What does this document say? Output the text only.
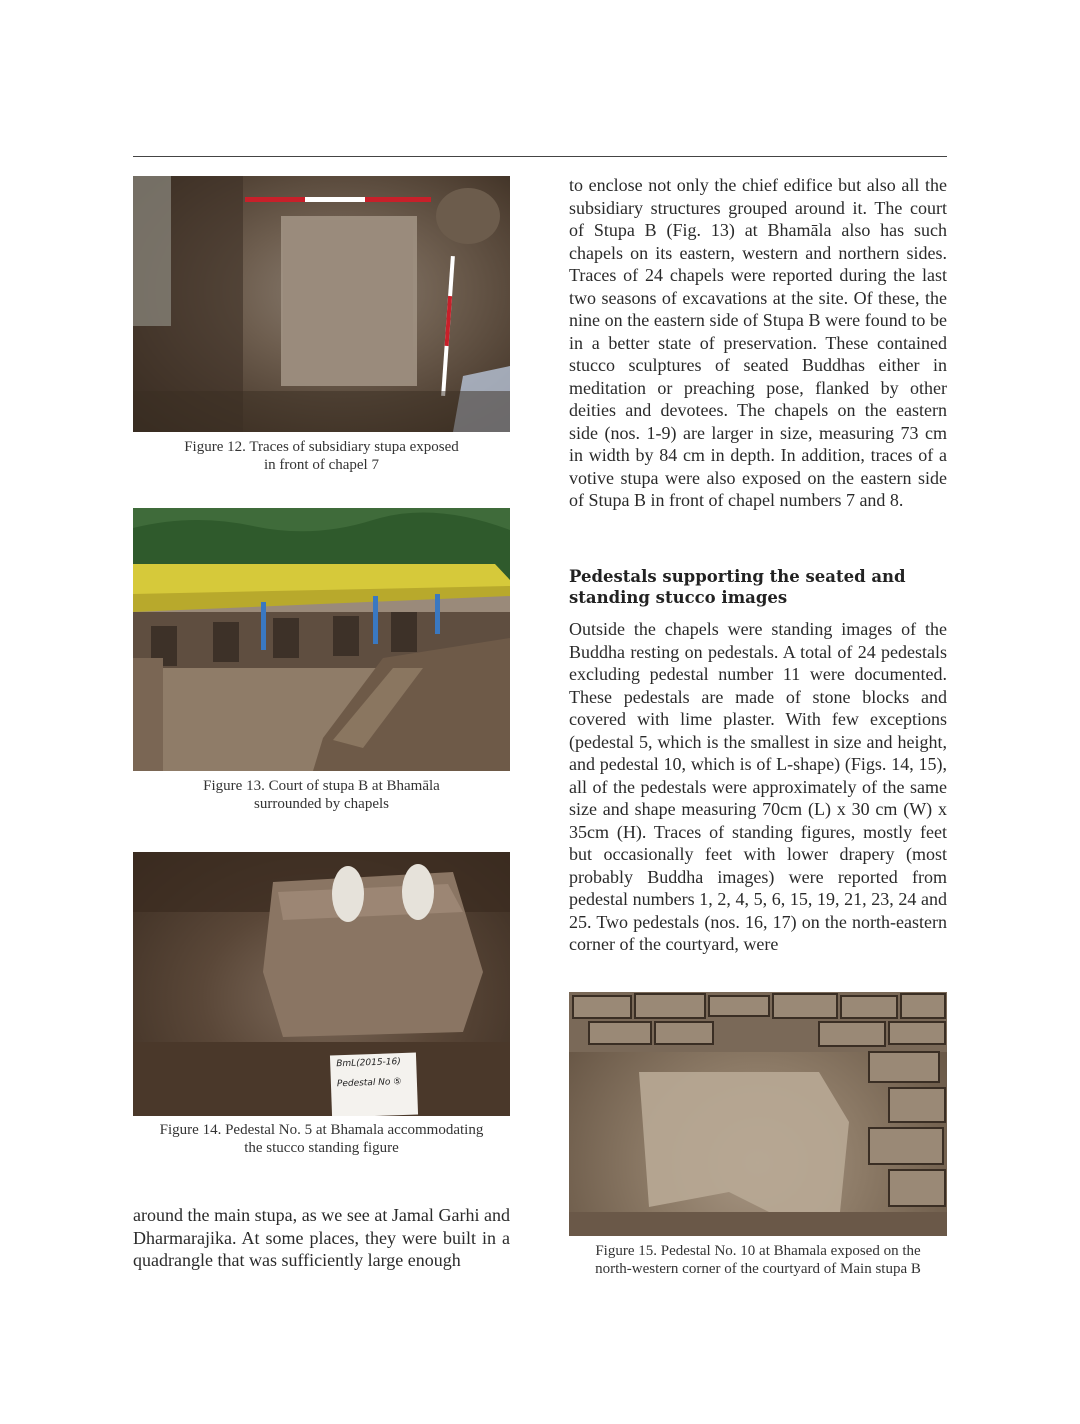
Figure 12. Traces of subsidiary stupa exposed
in front of chapel 7
Figure 13. Court of stupa B at Bhamāla
surrounded by chapels
BmL(2015-16)
Pedestal No ⑤
Figure 14. Pedestal No. 5 at Bhamala accommodating
the stucco standing figure
Figure 15. Pedestal No. 10 at Bhamala exposed on the
north-western corner of the courtyard of Main stupa B

to enclose not only the chief edifice but also all the subsidiary structures grouped around it. The court of Stupa B (Fig. 13) at Bhamāla also has such chapels on its eastern, western and northern sides. Traces of 24 chapels were reported during the last two seasons of excavations at the site. Of these, the nine on the eastern side of Stupa B were found to be in a better state of preservation. These contained stucco sculptures of seated Buddhas either in meditation or preaching pose, flanked by other deities and devotees. The chapels on the eastern side (nos. 1-9) are larger in size, measuring 73 cm in width by 84 cm in depth. In addition, traces of a votive stupa were also exposed on the eastern side of Stupa B in front of chapel numbers 7 and 8.

Pedestals supporting the seated and
standing stucco images

Outside the chapels were standing images of the Buddha resting on pedestals. A total of 24 pedestals excluding pedestal number 11 were documented. These pedestals are made of stone blocks and covered with lime plaster. With few exceptions (pedestal 5, which is the smallest in size and height, and pedestal 10, which is of L-shape) (Figs. 14, 15), all of the pedestals were approximately of the same size and shape measuring 70cm (L) x 30 cm (W) x 35cm (H). Traces of standing figures, mostly feet but occasionally feet with lower drapery (most probably Buddha images) were reported from pedestal numbers 1, 2, 4, 5, 6, 15, 19, 21, 23, 24 and 25. Two pedestals (nos. 16, 17) on the north-eastern corner of the courtyard, were

around the main stupa, as we see at Jamal Garhi and Dharmarajika. At some places, they were built in a quadrangle that was sufficiently large enough
